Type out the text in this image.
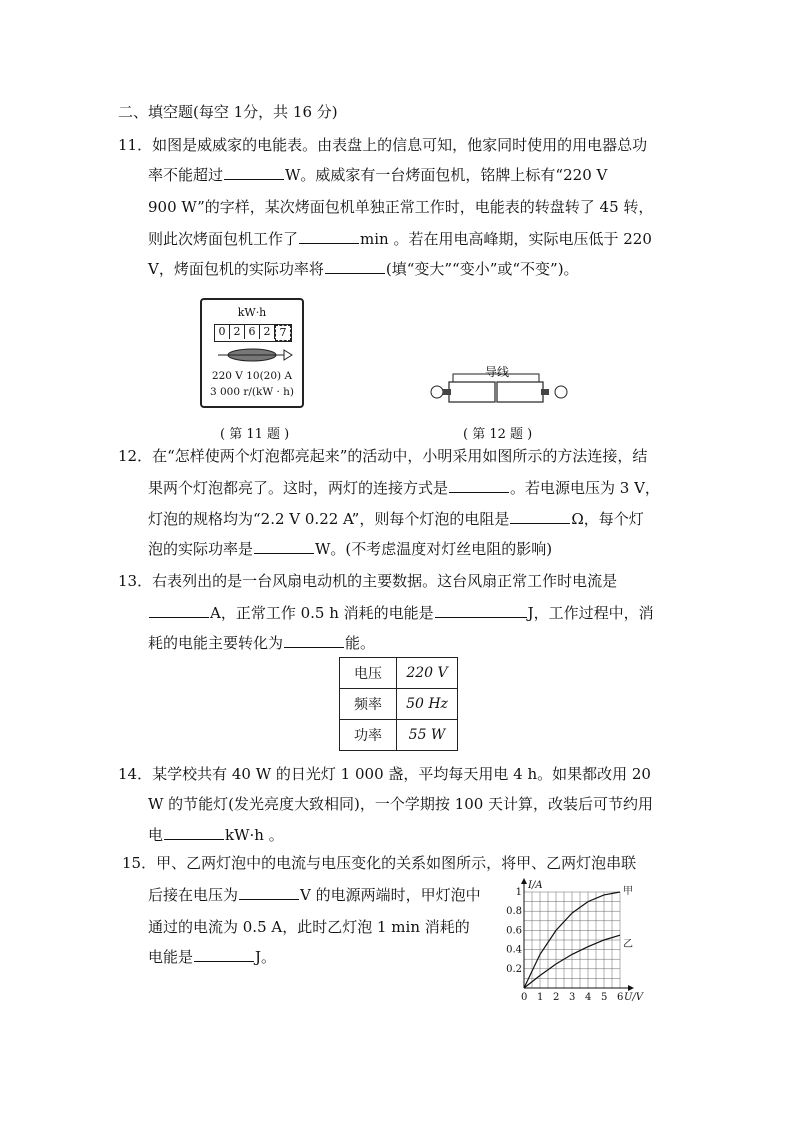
二、填空题(每空 1分，共 16 分)
11．如图是威威家的电能表。由表盘上的信息可知，他家同时使用的用电器总功
率不能超过	W。威威家有一台烤面包机，铭牌上标有“220 V
900 W”的字样，某次烤面包机单独正常工作时，电能表的转盘转了 45 转，
则此次烤面包机工作了	min 。若在用电高峰期，实际电压低于 220
V，烤面包机的实际功率将	(填“变大”“变小”或“不变”)。
kW·h
0 2 6 2 7
220 V 10(20) A
3 000 r/(kW · h)
导线
( 第 11 题 )	( 第 12 题 )
12．在“怎样使两个灯泡都亮起来”的活动中，小明采用如图所示的方法连接，结
果两个灯泡都亮了。这时，两灯的连接方式是	。若电源电压为 3 V，
灯泡的规格均为“2.2 V 0.22 A”，则每个灯泡的电阻是	Ω，每个灯
泡的实际功率是	W。(不考虑温度对灯丝电阻的影响)
13．右表列出的是一台风扇电动机的主要数据。这台风扇正常工作时电流是
A，正常工作 0.5 h 消耗的电能是	J，工作过程中，消
耗的电能主要转化为	能。
电压	220 V
频率	50 Hz
功率	55 W
14．某学校共有 40 W 的日光灯 1 000 盏，平均每天用电 4 h。如果都改用 20
W 的节能灯(发光亮度大致相同)，一个学期按 100 天计算，改装后可节约用
电	kW·h 。
15．甲、乙两灯泡中的电流与电压变化的关系如图所示，将甲、乙两灯泡串联
后接在电压为	V 的电源两端时，甲灯泡中
通过的电流为 0.5 A，此时乙灯泡 1 min 消耗的
电能是	J。
甲
乙
0 1 2 3 4 5 6
0.2
0.4
0.6
0.8
1
U/V
I/A
